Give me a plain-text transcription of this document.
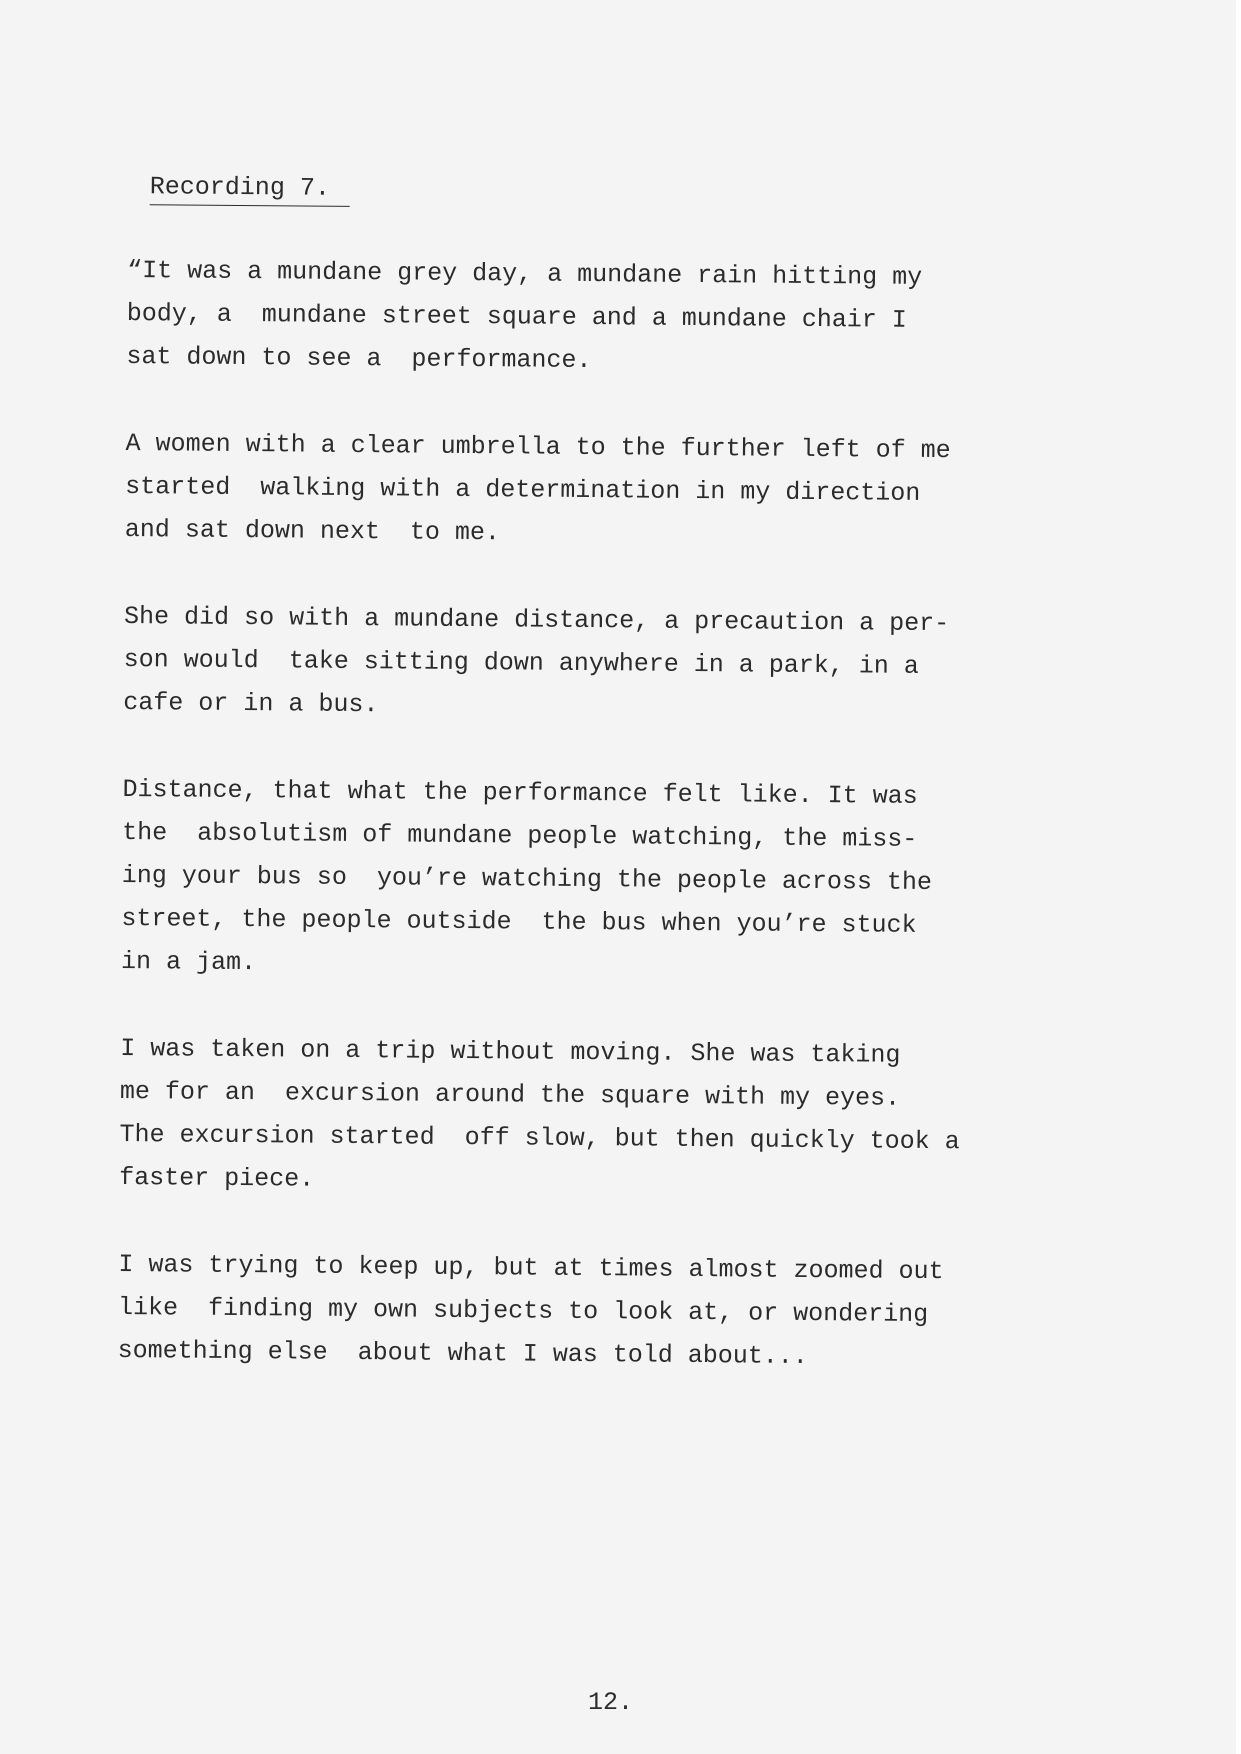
Recording 7.
“It was a mundane grey day, a mundane rain hitting my
body, a  mundane street square and a mundane chair I
sat down to see a  performance.
A women with a clear umbrella to the further left of me
started  walking with a determination in my direction
and sat down next  to me.
She did so with a mundane distance, a precaution a per-
son would  take sitting down anywhere in a park, in a
cafe or in a bus.
Distance, that what the performance felt like. It was
the  absolutism of mundane people watching, the miss-
ing your bus so  you’re watching the people across the
street, the people outside  the bus when you’re stuck
in a jam.
I was taken on a trip without moving. She was taking
me for an  excursion around the square with my eyes.
The excursion started  off slow, but then quickly took a
faster piece.
I was trying to keep up, but at times almost zoomed out
like  finding my own subjects to look at, or wondering
something else  about what I was told about...
12.
